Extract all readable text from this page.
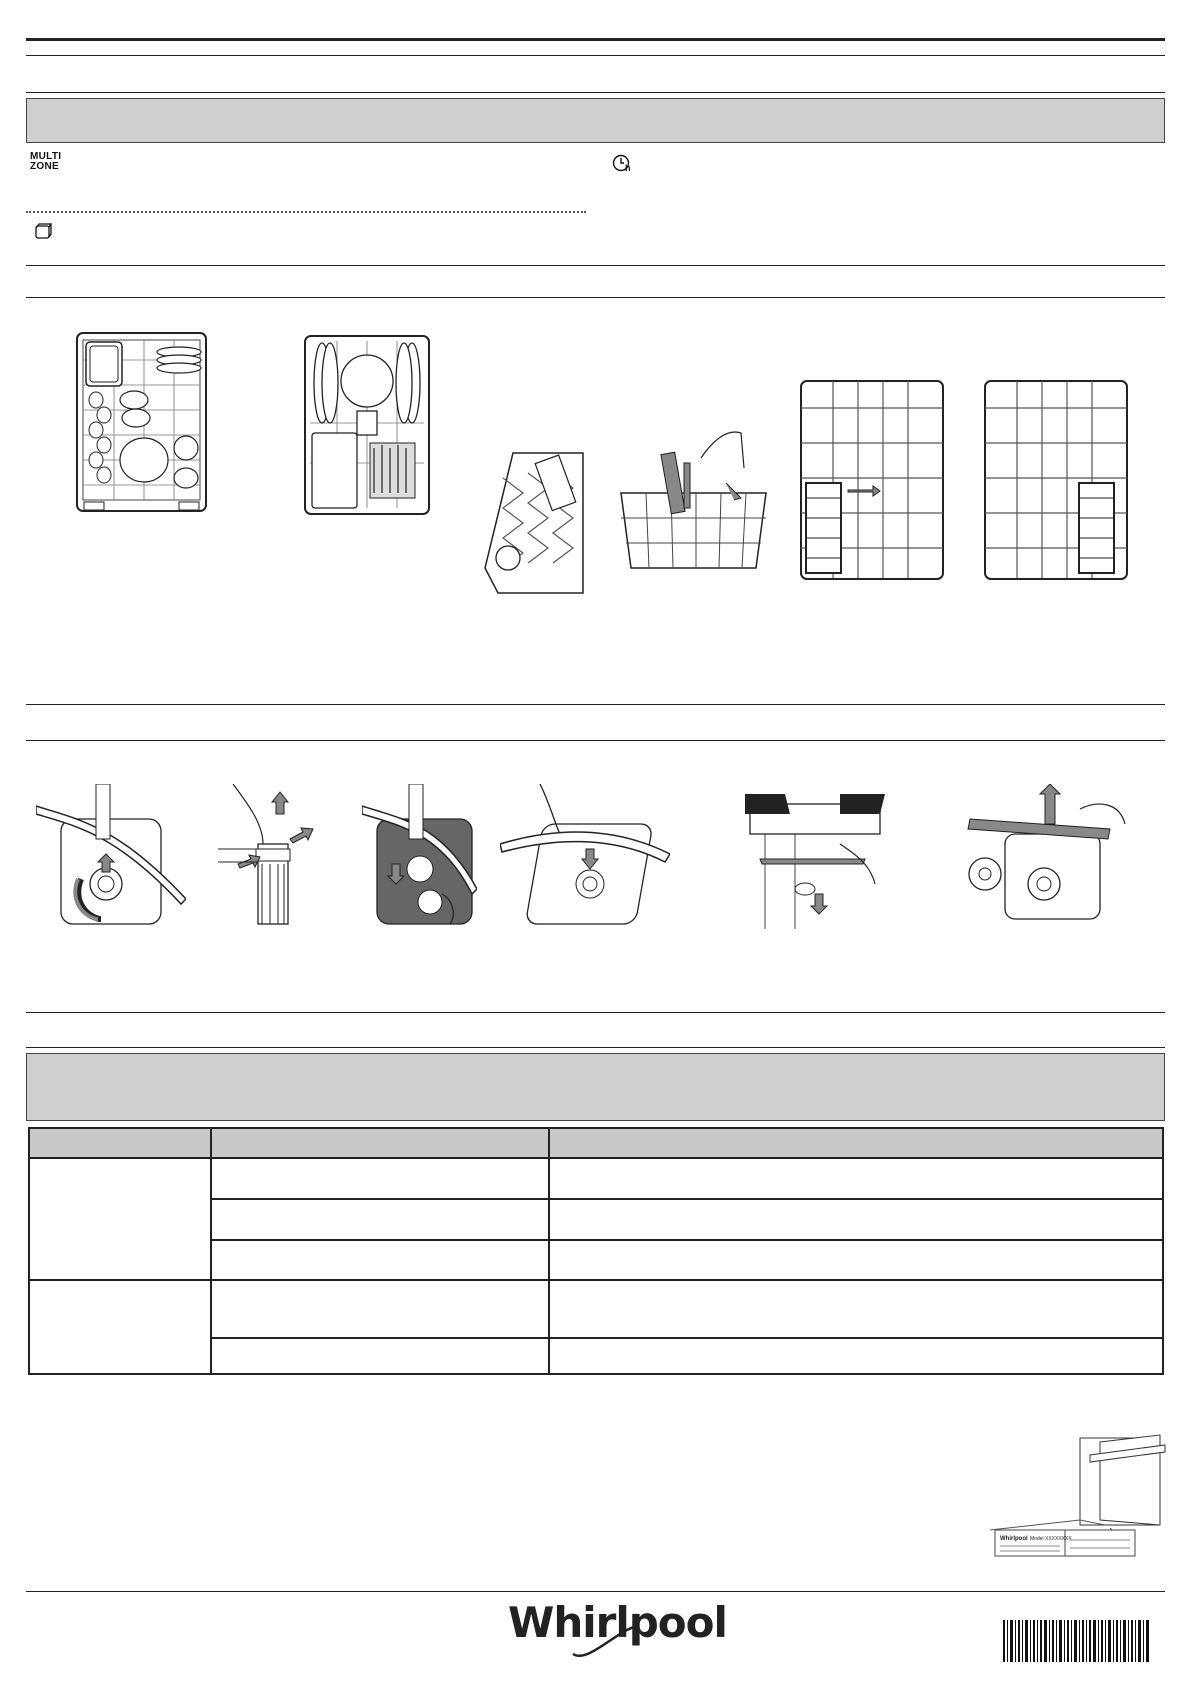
MULTI
ZONE	h

Whirlpool Model XXXXXXXX
Whirlpool
